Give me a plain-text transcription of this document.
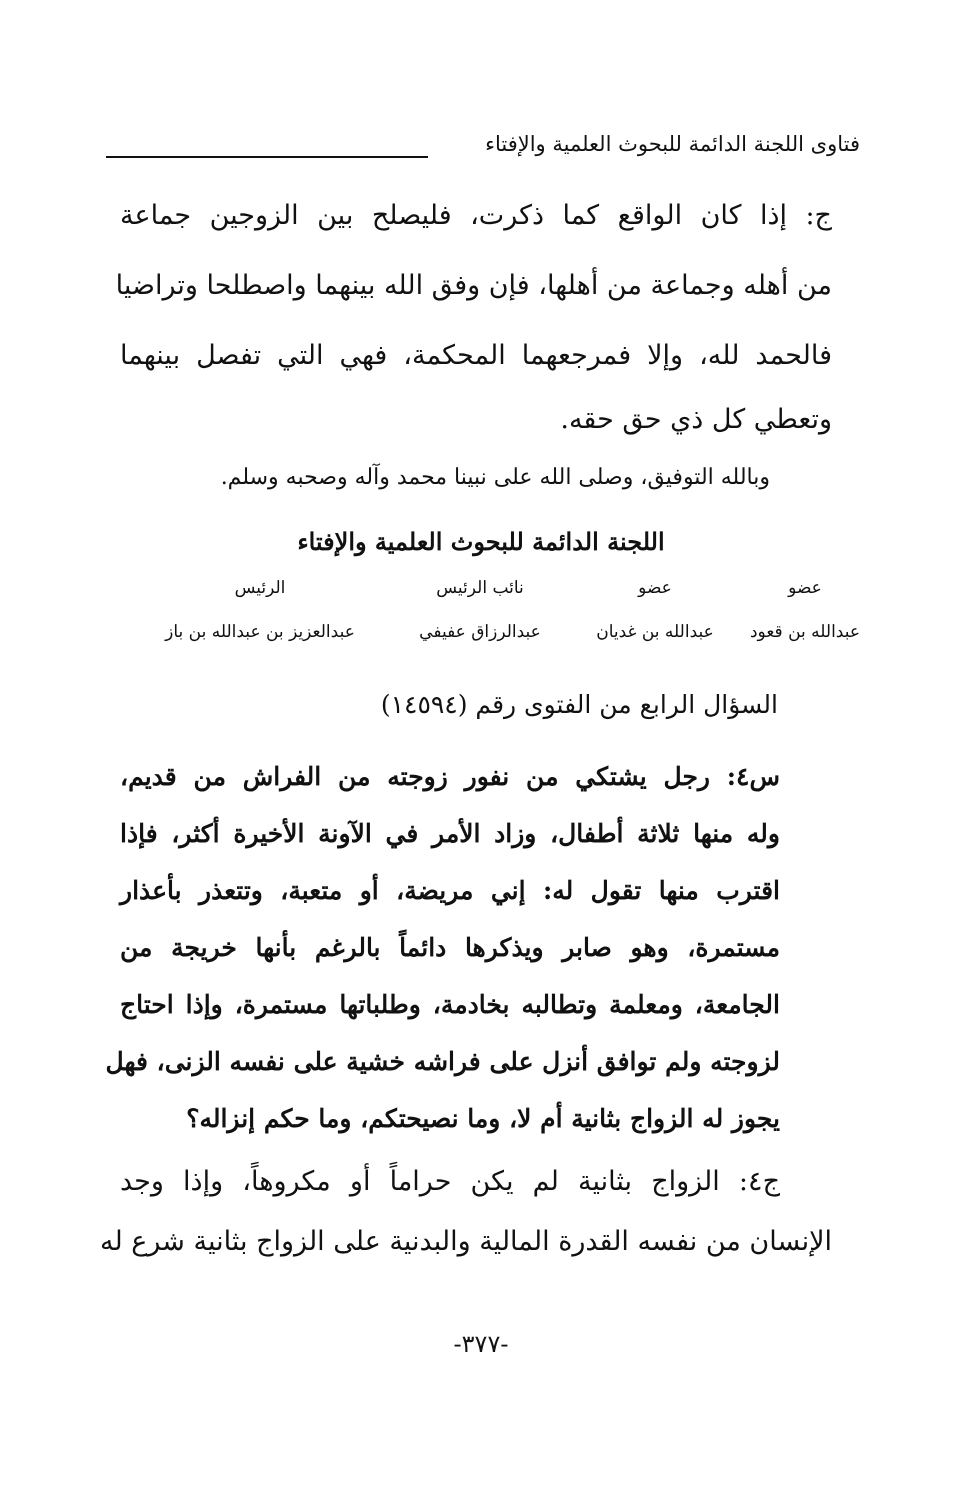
فتاوى اللجنة الدائمة للبحوث العلمية والإفتاء
ج: إذا كان الواقع كما ذكرت، فليصلح بين الزوجين جماعة
من أهله وجماعة من أهلها، فإن وفق الله بينهما واصطلحا وتراضيا
فالحمد لله، وإلا فمرجعهما المحكمة، فهي التي تفصل بينهما
وتعطي كل ذي حق حقه.
وبالله التوفيق، وصلى الله على نبينا محمد وآله وصحبه وسلم.
اللجنة الدائمة للبحوث العلمية والإفتاء
الرئيس	نائب الرئيس	عضو	عضو
عبدالعزيز بن عبدالله بن باز	عبدالرزاق عفيفي	عبدالله بن غديان	عبدالله بن قعود
السؤال الرابع من الفتوى رقم (١٤٥٩٤)
س٤: رجل يشتكي من نفور زوجته من الفراش من قديم،
وله منها ثلاثة أطفال، وزاد الأمر في الآونة الأخيرة أكثر، فإذا
اقترب منها تقول له: إني مريضة، أو متعبة، وتتعذر بأعذار
مستمرة، وهو صابر ويذكرها دائماً بالرغم بأنها خريجة من
الجامعة، ومعلمة وتطالبه بخادمة، وطلباتها مستمرة، وإذا احتاج
لزوجته ولم توافق أنزل على فراشه خشية على نفسه الزنى، فهل
يجوز له الزواج بثانية أم لا، وما نصيحتكم، وما حكم إنزاله؟
ج٤: الزواج بثانية لم يكن حراماً أو مكروهاً، وإذا وجد
الإنسان من نفسه القدرة المالية والبدنية على الزواج بثانية شرع له
-٣٧٧-
